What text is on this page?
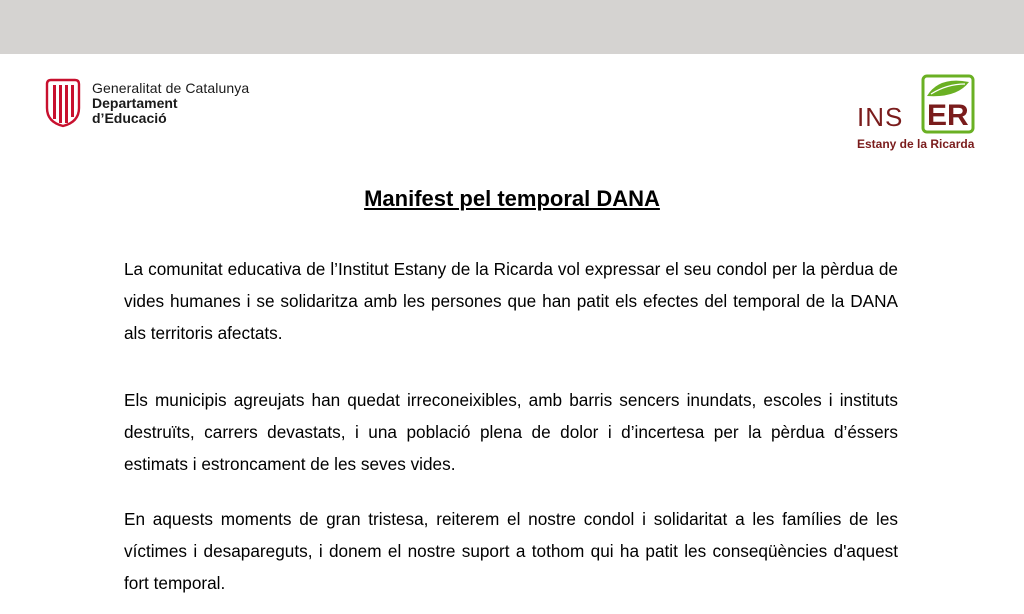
Generalitat de Catalunya
Departament
d’Educació	INS ER
Estany de la Ricarda
Manifest pel temporal DANA
La comunitat educativa de l’Institut Estany de la Ricarda vol expressar el seu condol per la pèrdua de vides humanes i se solidaritza amb les persones que han patit els efectes del temporal de la DANA als territoris afectats.
Els municipis agreujats han quedat irreconeixibles, amb barris sencers inundats, escoles i instituts destruïts, carrers devastats, i una població plena de dolor i d’incertesa per la pèrdua d’éssers estimats i estroncament de les seves vides.
En aquests moments de gran tristesa, reiterem el nostre condol i solidaritat a les famílies de les víctimes i desapareguts, i donem el nostre suport a tothom qui ha patit les conseqüències d'aquest fort temporal.
